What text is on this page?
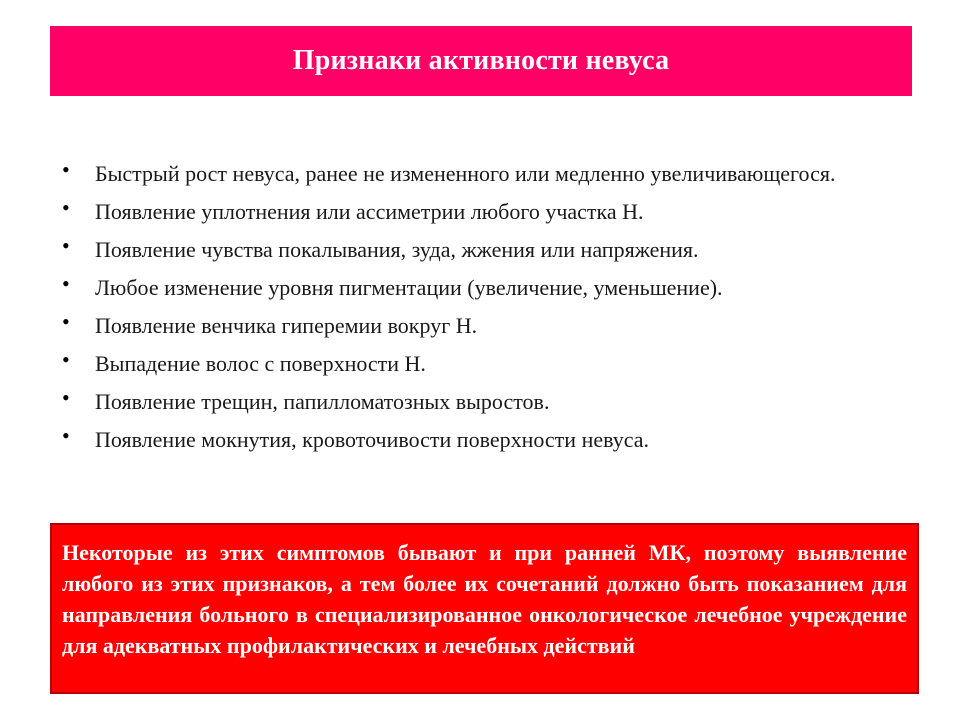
Признаки активности невуса
•	Быстрый рост невуса, ранее не измененного или медленно увеличивающегося.
•	Появление уплотнения или ассиметрии любого участка Н.
•	Появление чувства покалывания, зуда, жжения или напряжения.
•	Любое изменение уровня пигментации (увеличение, уменьшение).
•	Появление венчика гиперемии вокруг Н.
•	Выпадение волос с поверхности Н.
•	Появление трещин, папилломатозных выростов.
•	Появление мокнутия, кровоточивости поверхности невуса.
Некоторые из этих симптомов бывают и при ранней МК, поэтому выявление любого из этих признаков, а тем более их сочетаний должно быть показанием для направления больного в специализированное онкологическое лечебное учреждение для адекватных профилактических и лечебных действий
